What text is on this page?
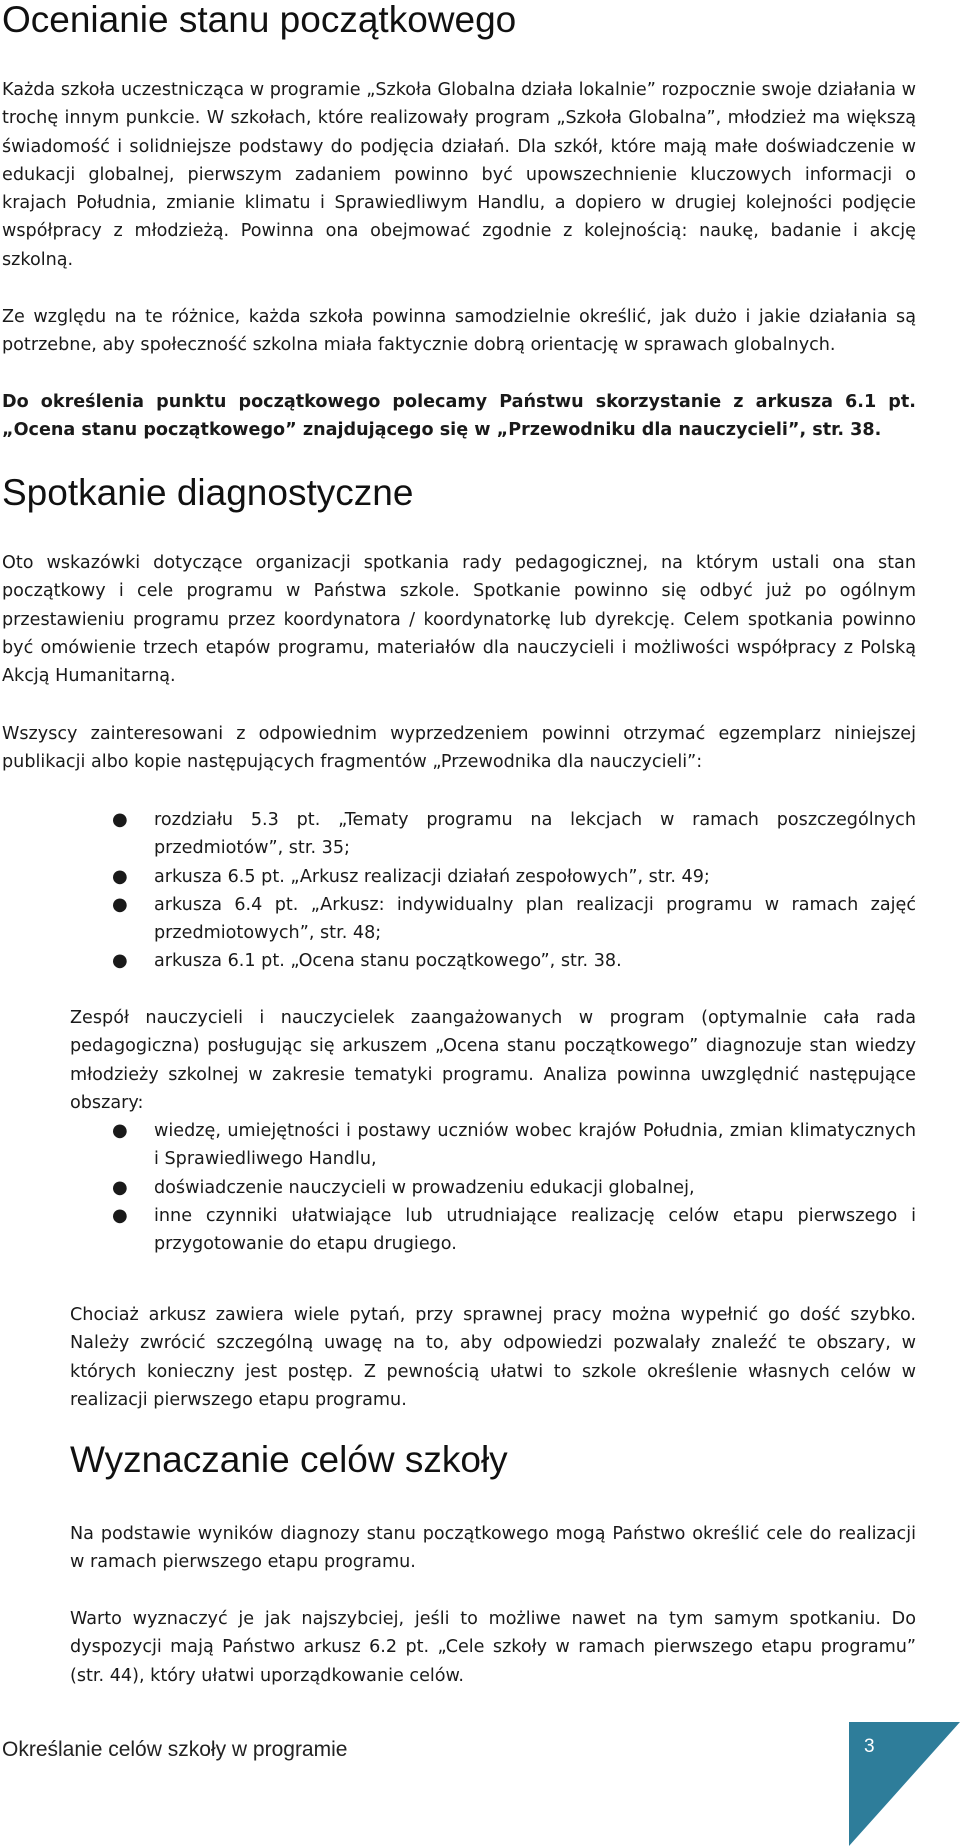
Ocenianie stanu początkowego

Każda szkoła uczestnicząca w programie „Szkoła Globalna działa lokalnie” rozpocznie swoje działania w trochę innym punkcie. W szkołach, które realizowały program „Szkoła Globalna”, młodzież ma większą świadomość i solidniejsze podstawy do podjęcia działań. Dla szkół, które mają małe doświadczenie w edukacji globalnej, pierwszym zadaniem powinno być upowszechnienie kluczowych informacji o krajach Południa, zmianie klimatu i Sprawiedliwym Handlu, a dopiero w drugiej kolejności podjęcie współpracy z młodzieżą. Powinna ona obejmować zgodnie z kolejnością: naukę, badanie i akcję szkolną.

Ze względu na te różnice, każda szkoła powinna samodzielnie określić, jak dużo i jakie działania są potrzebne, aby społeczność szkolna miała faktycznie dobrą orientację w sprawach globalnych.

Do określenia punktu początkowego polecamy Państwu skorzystanie z arkusza 6.1 pt. „Ocena stanu początkowego” znajdującego się w „Przewodniku dla nauczycieli”, str. 38.

Spotkanie diagnostyczne

Oto wskazówki dotyczące organizacji spotkania rady pedagogicznej, na którym ustali ona stan początkowy i cele programu w Państwa szkole. Spotkanie powinno się odbyć już po ogólnym przestawieniu programu przez koordynatora / koordynatorkę lub dyrekcję. Celem spotkania powinno być omówienie trzech etapów programu, materiałów dla nauczycieli i możliwości współpracy z Polską Akcją Humanitarną.

Wszyscy zainteresowani z odpowiednim wyprzedzeniem powinni otrzymać egzemplarz niniejszej publikacji albo kopie następujących fragmentów „Przewodnika dla nauczycieli”:

● rozdziału 5.3 pt. „Tematy programu na lekcjach w ramach poszczególnych przedmiotów”, str. 35;
● arkusza 6.5 pt. „Arkusz realizacji działań zespołowych”, str. 49;
● arkusza 6.4 pt. „Arkusz: indywidualny plan realizacji programu w ramach zajęć przedmiotowych”, str. 48;
● arkusza 6.1 pt. „Ocena stanu początkowego”, str. 38.

Zespół nauczycieli i nauczycielek zaangażowanych w program (optymalnie cała rada pedagogiczna) posługując się arkuszem „Ocena stanu początkowego” diagnozuje stan wiedzy młodzieży szkolnej w zakresie tematyki programu. Analiza powinna uwzględnić następujące obszary:

● wiedzę, umiejętności i postawy uczniów wobec krajów Południa, zmian klimatycznych i Sprawiedliwego Handlu,
● doświadczenie nauczycieli w prowadzeniu edukacji globalnej,
● inne czynniki ułatwiające lub utrudniające realizację celów etapu pierwszego i przygotowanie do etapu drugiego.

Chociaż arkusz zawiera wiele pytań, przy sprawnej pracy można wypełnić go dość szybko. Należy zwrócić szczególną uwagę na to, aby odpowiedzi pozwalały znaleźć te obszary, w których konieczny jest postęp. Z pewnością ułatwi to szkole określenie własnych celów w realizacji pierwszego etapu programu.

Wyznaczanie celów szkoły

Na podstawie wyników diagnozy stanu początkowego mogą Państwo określić cele do realizacji w ramach pierwszego etapu programu.

Warto wyznaczyć je jak najszybciej, jeśli to możliwe nawet na tym samym spotkaniu. Do dyspozycji mają Państwo arkusz 6.2 pt. „Cele szkoły w ramach pierwszego etapu programu” (str. 44), który ułatwi uporządkowanie celów.

Określanie celów szkoły w programie	3
